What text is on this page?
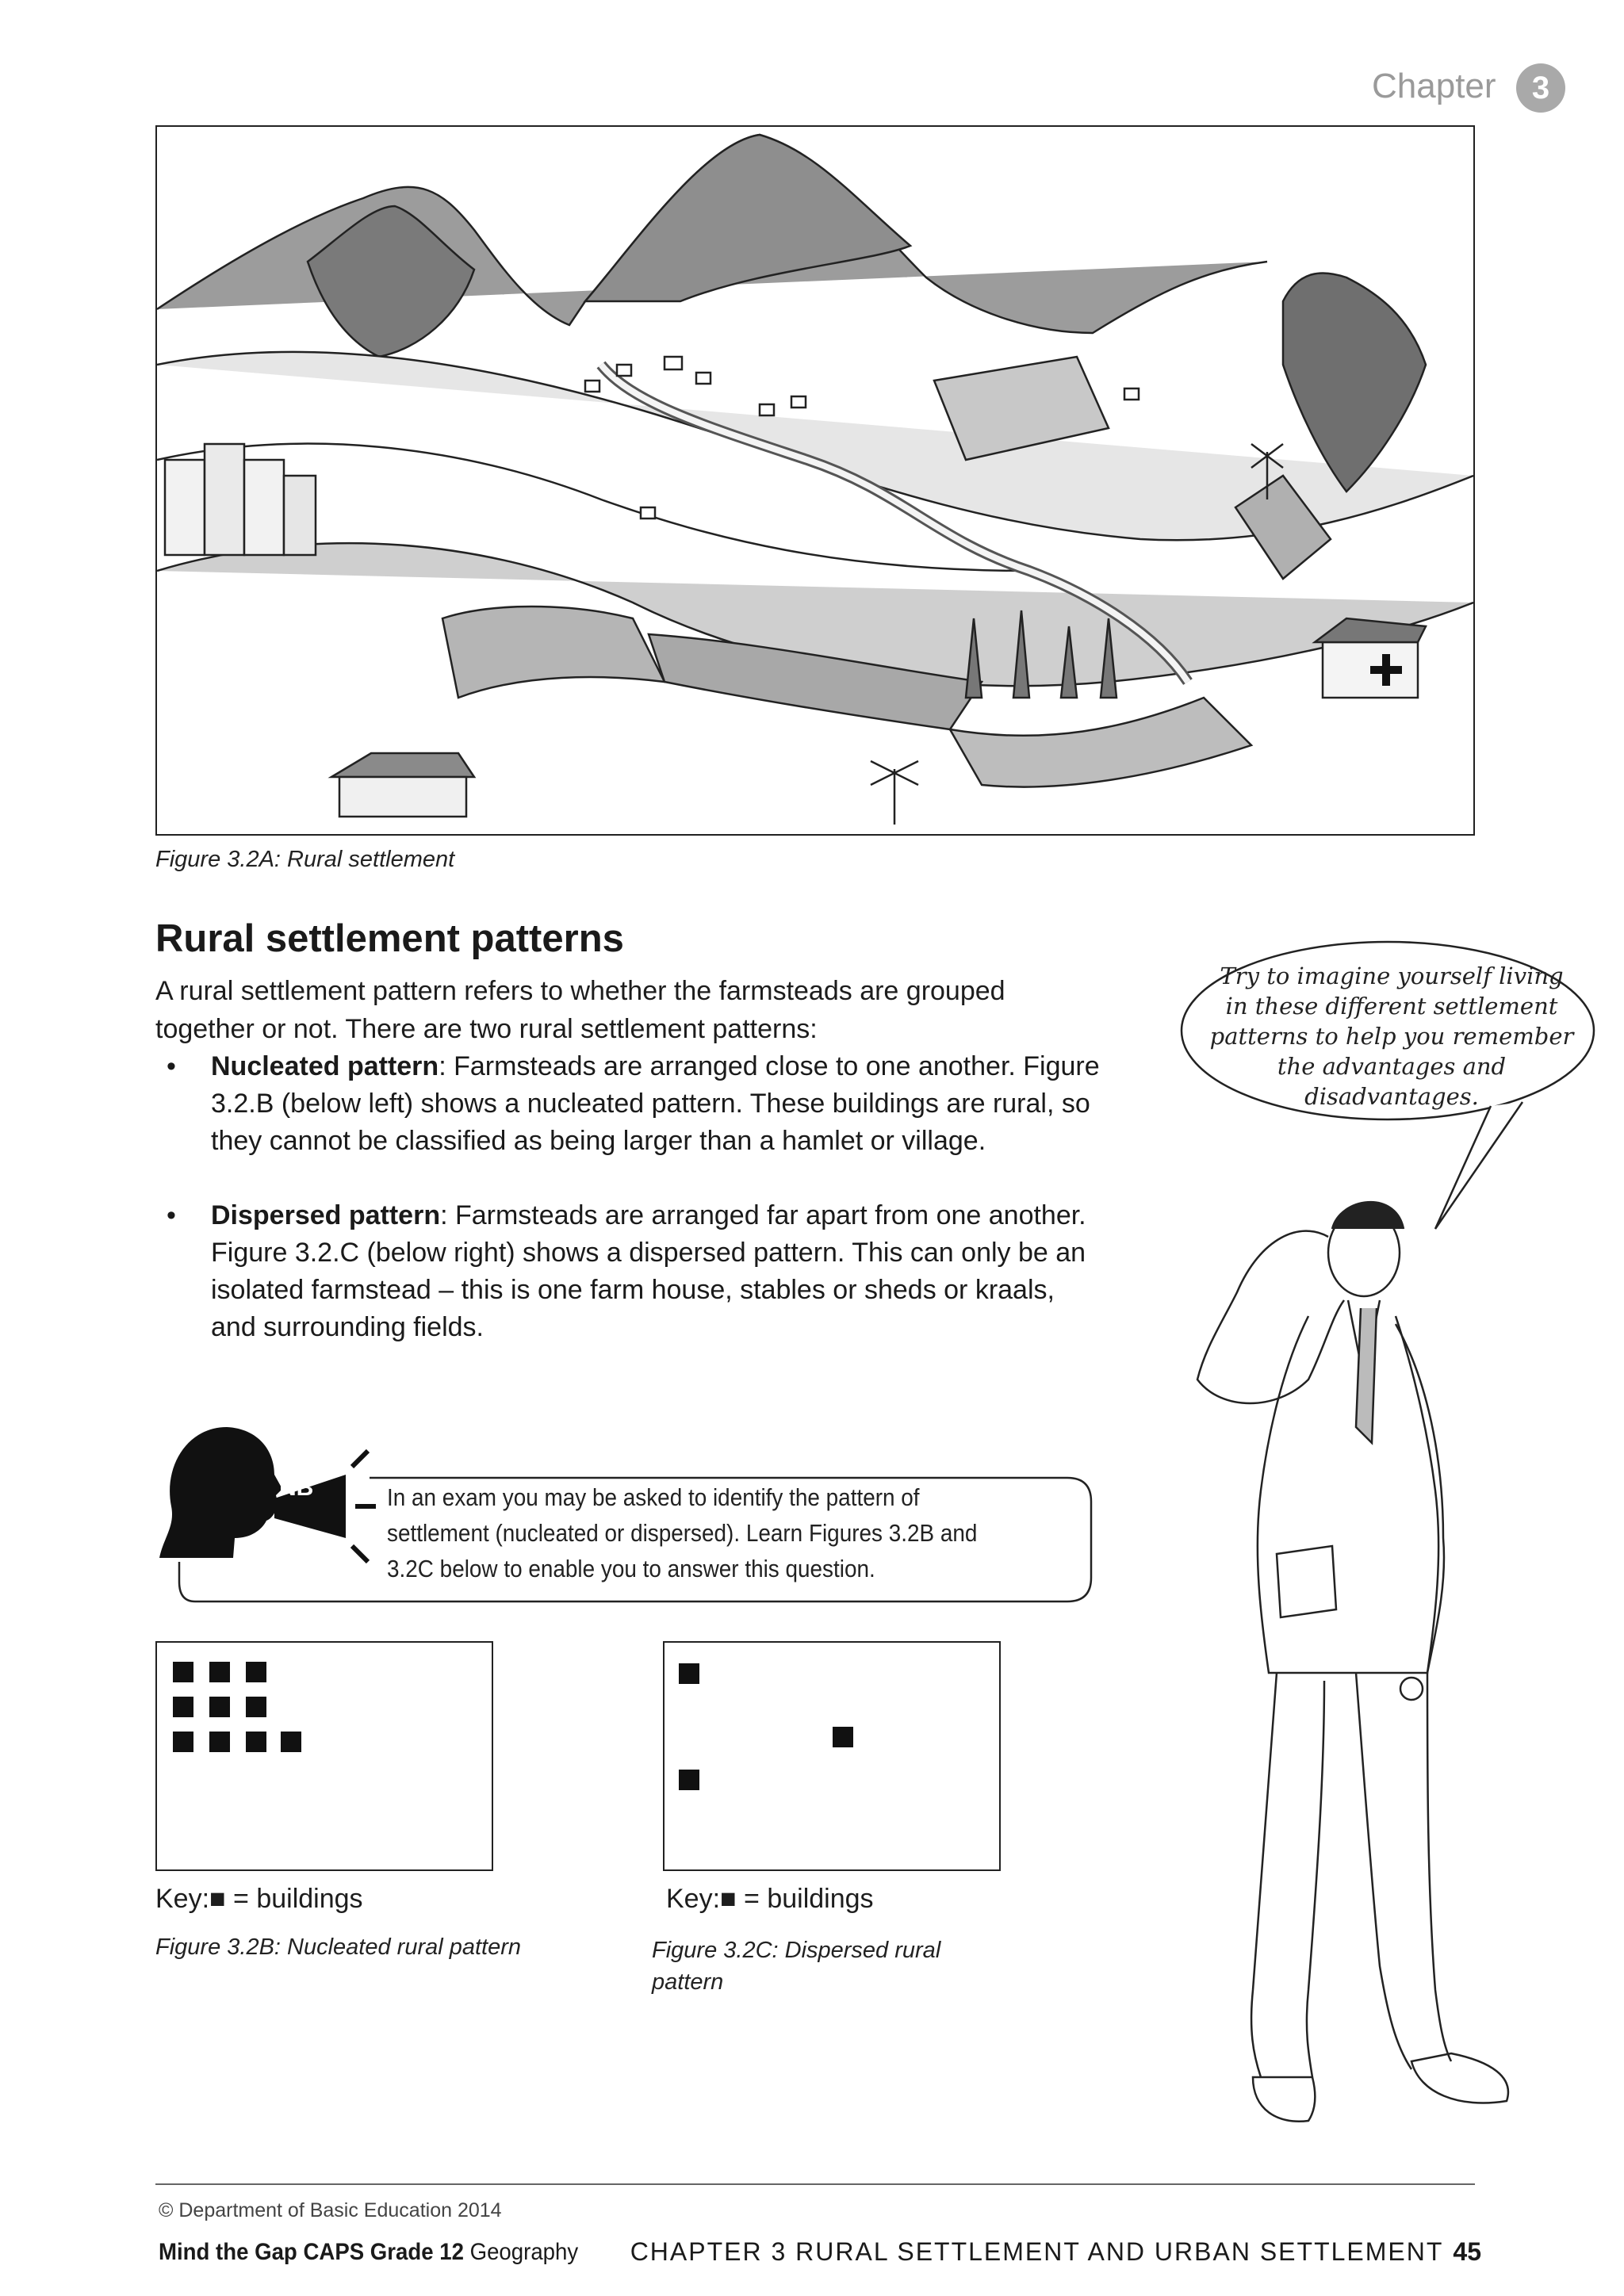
Chapter	3
Figure 3.2A: Rural settlement
Rural settlement patterns

A rural settlement pattern refers to whether the farmsteads are grouped together or not. There are two rural settlement patterns:

• Nucleated pattern: Farmsteads are arranged close to one another. Figure 3.2.B (below left) shows a nucleated pattern. These buildings are rural, so they cannot be classified as being larger than a hamlet or village.
• Dispersed pattern: Farmsteads are arranged far apart from one another. Figure 3.2.C (below right) shows a dispersed pattern. This can only be an isolated farmstead – this is one farm house, stables or sheds or kraals, and surrounding fields.
Try to imagine yourself living in these different settlement patterns to help you remember the advantages and disadvantages.
NB	In an exam you may be asked to identify the pattern of settlement (nucleated or dispersed). Learn Figures 3.2B and 3.2C below to enable you to answer this question.
Key:■ = buildings
Figure 3.2B: Nucleated rural pattern
Key:■ = buildings
Figure 3.2C: Dispersed rural pattern
© Department of Basic Education 2014
Mind the Gap CAPS Grade 12 Geography CHAPTER 3 RURAL SETTLEMENT AND URBAN SETTLEMENT 45
